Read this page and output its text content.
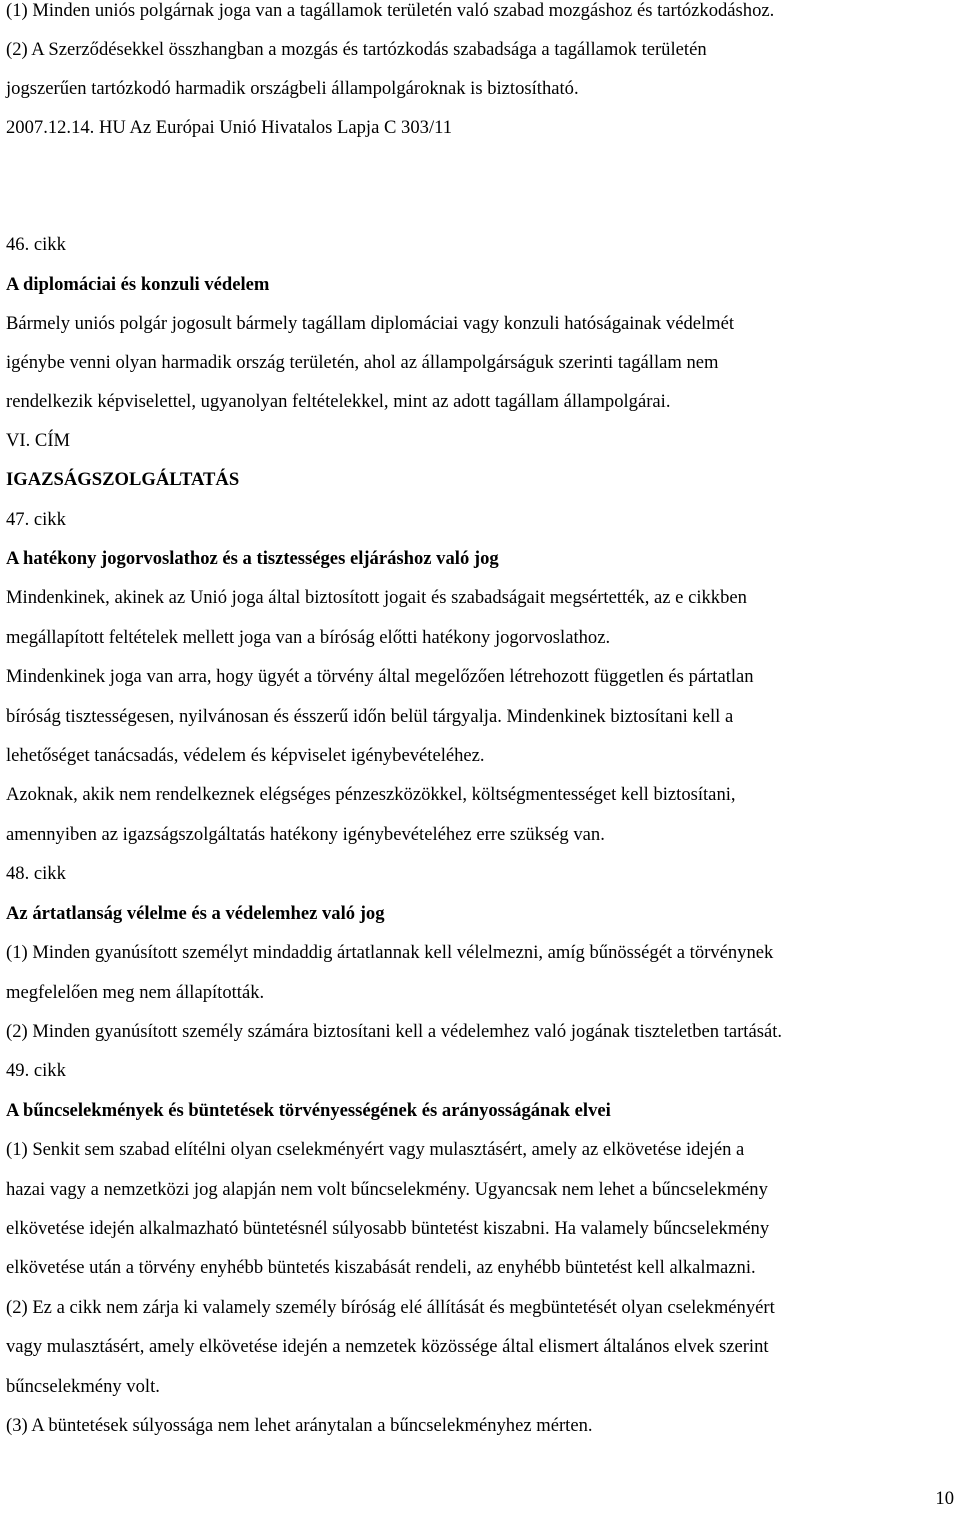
(1) Minden uniós polgárnak joga van a tagállamok területén való szabad mozgáshoz és tartózkodáshoz.
(2) A Szerződésekkel összhangban a mozgás és tartózkodás szabadsága a tagállamok területén
jogszerűen tartózkodó harmadik országbeli állampolgároknak is biztosítható.
2007.12.14. HU Az Európai Unió Hivatalos Lapja C 303/11
46. cikk
A diplomáciai és konzuli védelem
Bármely uniós polgár jogosult bármely tagállam diplomáciai vagy konzuli hatóságainak védelmét
igénybe venni olyan harmadik ország területén, ahol az állampolgárságuk szerinti tagállam nem
rendelkezik képviselettel, ugyanolyan feltételekkel, mint az adott tagállam állampolgárai.
VI. CÍM
IGAZSÁGSZOLGÁLTATÁS
47. cikk
A hatékony jogorvoslathoz és a tisztességes eljáráshoz való jog
Mindenkinek, akinek az Unió joga által biztosított jogait és szabadságait megsértették, az e cikkben
megállapított feltételek mellett joga van a bíróság előtti hatékony jogorvoslathoz.
Mindenkinek joga van arra, hogy ügyét a törvény által megelőzően létrehozott független és pártatlan
bíróság tisztességesen, nyilvánosan és ésszerű időn belül tárgyalja. Mindenkinek biztosítani kell a
lehetőséget tanácsadás, védelem és képviselet igénybevételéhez.
Azoknak, akik nem rendelkeznek elégséges pénzeszközökkel, költségmentességet kell biztosítani,
amennyiben az igazságszolgáltatás hatékony igénybevételéhez erre szükség van.
48. cikk
Az ártatlanság vélelme és a védelemhez való jog
(1) Minden gyanúsított személyt mindaddig ártatlannak kell vélelmezni, amíg bűnösségét a törvénynek
megfelelően meg nem állapították.
(2) Minden gyanúsított személy számára biztosítani kell a védelemhez való jogának tiszteletben tartását.
49. cikk
A bűncselekmények és büntetések törvényességének és arányosságának elvei
(1) Senkit sem szabad elítélni olyan cselekményért vagy mulasztásért, amely az elkövetése idején a
hazai vagy a nemzetközi jog alapján nem volt bűncselekmény. Ugyancsak nem lehet a bűncselekmény
elkövetése idején alkalmazható büntetésnél súlyosabb büntetést kiszabni. Ha valamely bűncselekmény
elkövetése után a törvény enyhébb büntetés kiszabását rendeli, az enyhébb büntetést kell alkalmazni.
(2) Ez a cikk nem zárja ki valamely személy bíróság elé állítását és megbüntetését olyan cselekményért
vagy mulasztásért, amely elkövetése idején a nemzetek közössége által elismert általános elvek szerint
bűncselekmény volt.
(3) A büntetések súlyossága nem lehet aránytalan a bűncselekményhez mérten.
10
